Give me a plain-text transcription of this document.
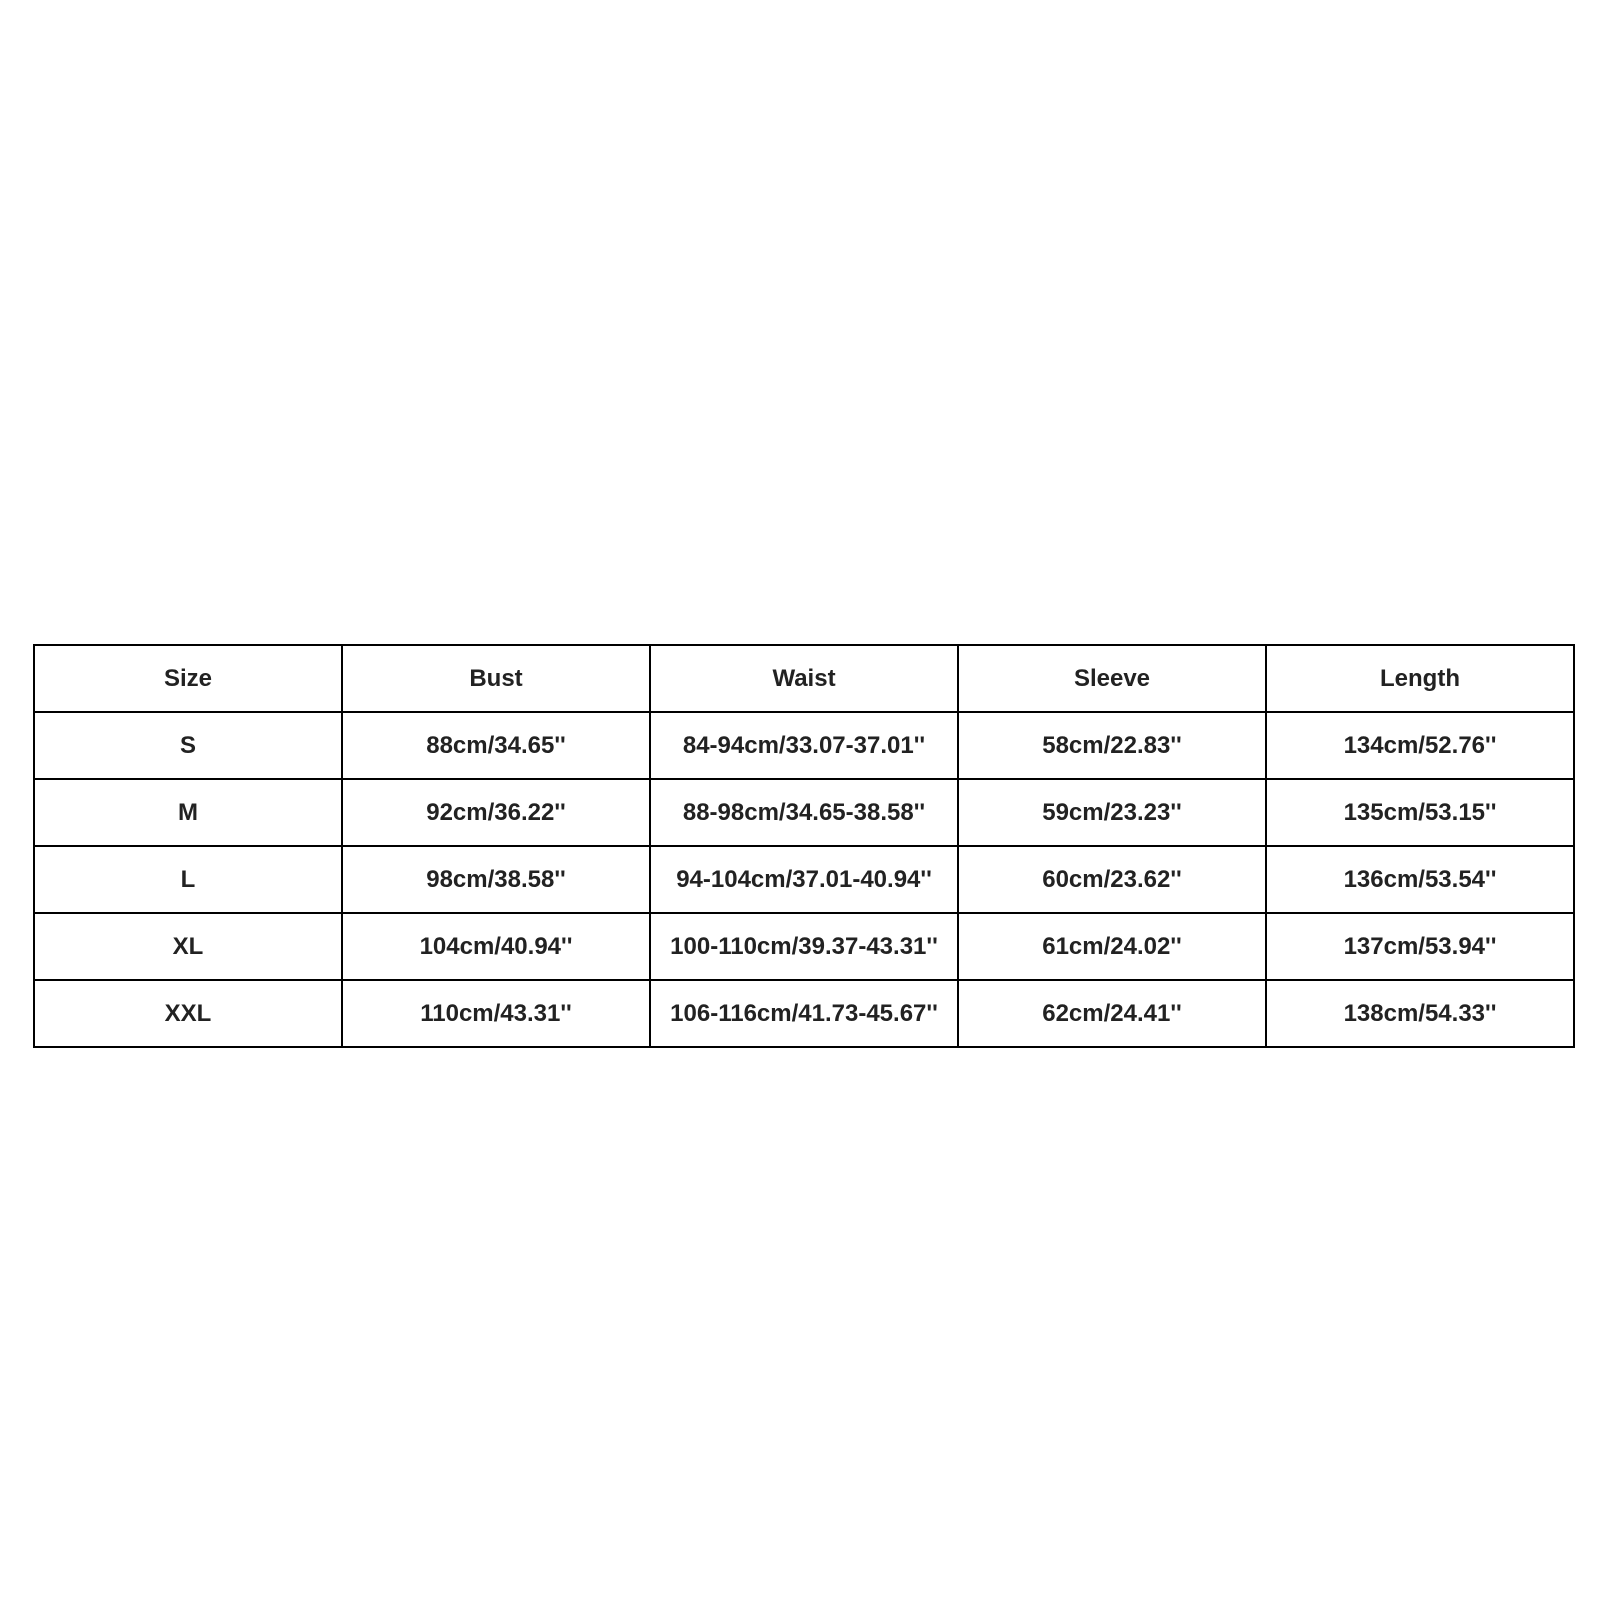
Size	Bust	Waist	Sleeve	Length
S	88cm/34.65''	84-94cm/33.07-37.01''	58cm/22.83''	134cm/52.76''
M	92cm/36.22''	88-98cm/34.65-38.58''	59cm/23.23''	135cm/53.15''
L	98cm/38.58''	94-104cm/37.01-40.94''	60cm/23.62''	136cm/53.54''
XL	104cm/40.94''	100-110cm/39.37-43.31''	61cm/24.02''	137cm/53.94''
XXL	110cm/43.31''	106-116cm/41.73-45.67''	62cm/24.41''	138cm/54.33''
